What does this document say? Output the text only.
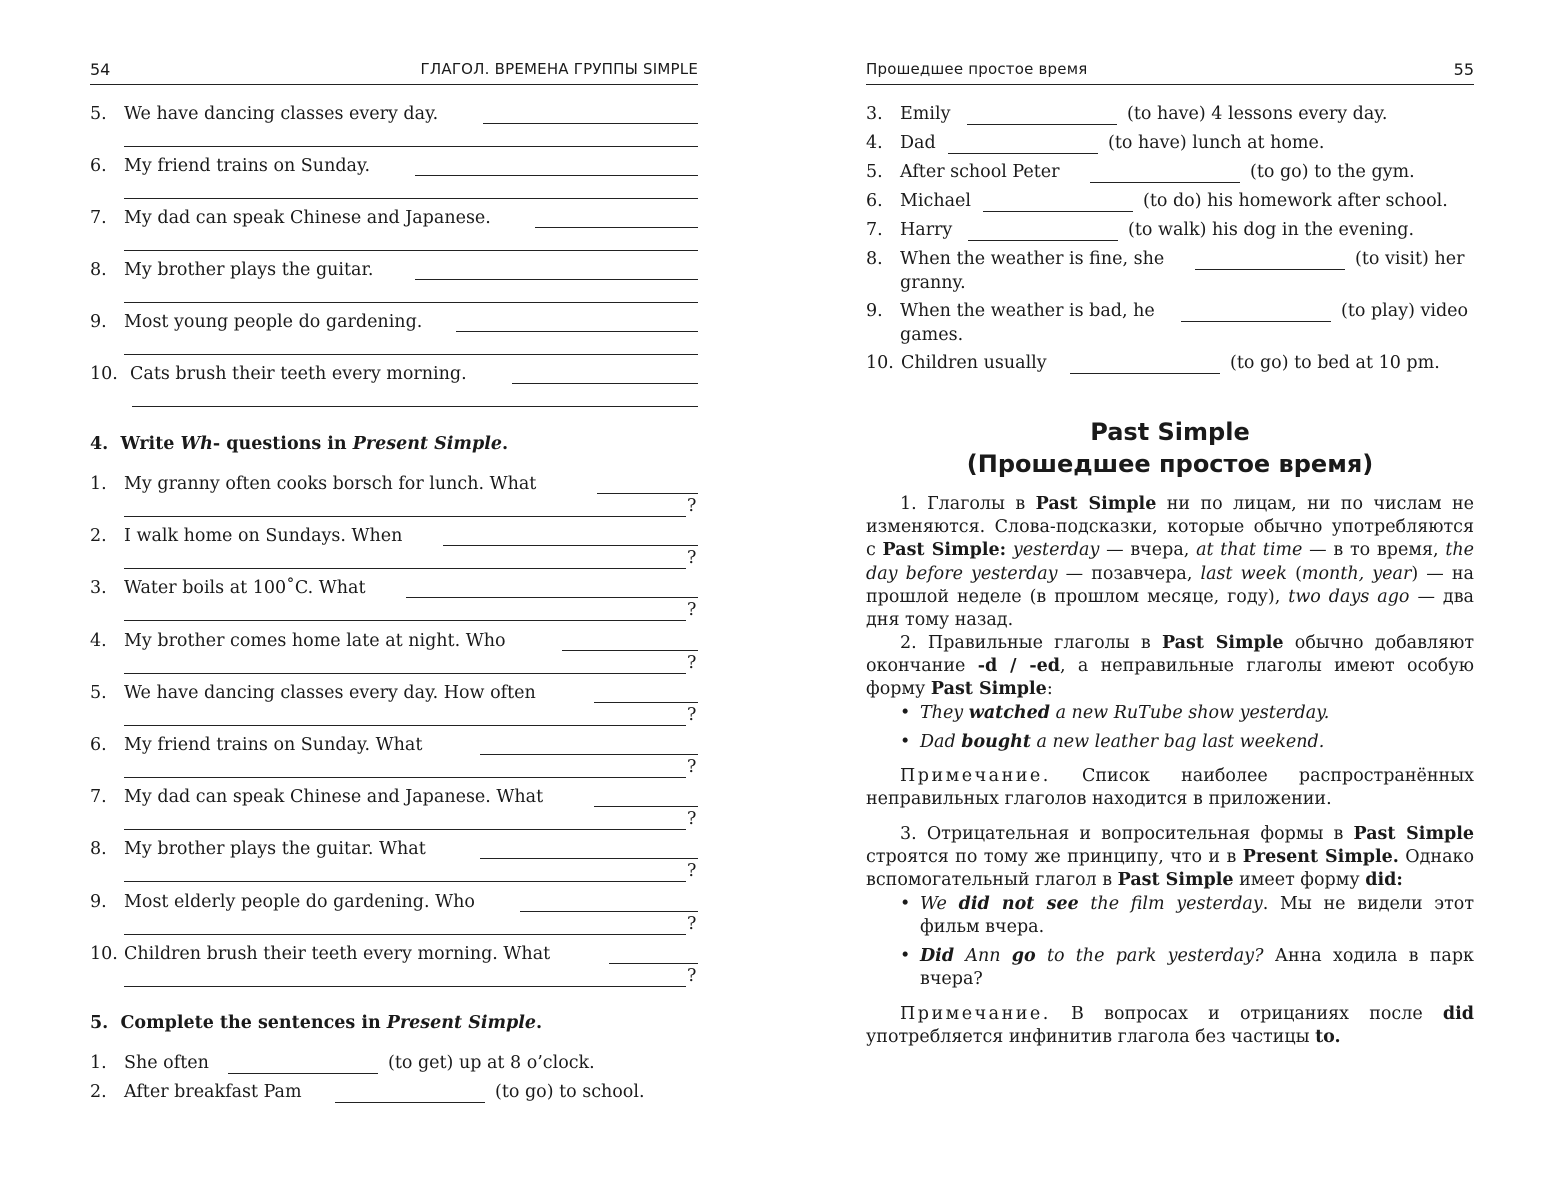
54	ГЛАГОЛ. ВРЕМЕНА ГРУППЫ SIMPLE
5. We have dancing classes every day.
6. My friend trains on Sunday.
7. My dad can speak Chinese and Japanese.
8. My brother plays the guitar.
9. Most young people do gardening.
10. Cats brush their teeth every morning.
4. Write Wh- questions in Present Simple.
1. My granny often cooks borsch for lunch. What
?
2. I walk home on Sundays. When
?
3. Water boils at 100˚C. What
?
4. My brother comes home late at night. Who
?
5. We have dancing classes every day. How often
?
6. My friend trains on Sunday. What
?
7. My dad can speak Chinese and Japanese. What
?
8. My brother plays the guitar. What
?
9. Most elderly people do gardening. Who
?
10. Children brush their teeth every morning. What
?
5. Complete the sentences in Present Simple.
1. She often	(to get) up at 8 o’clock.
2. After breakfast Pam	(to go) to school.
Прошедшее простое время	55
3. Emily	(to have) 4 lessons every day.
4. Dad	(to have) lunch at home.
5. After school Peter	(to go) to the gym.
6. Michael	(to do) his homework after school.
7. Harry	(to walk) his dog in the evening.
8. When the weather is fine, she	(to visit) her
granny.
9. When the weather is bad, he	(to play) video
games.
10. Children usually	(to go) to bed at 10 pm.
Past Simple
(Прошедшее простое время)

1. Глаголы в Past Simple ни по лицам, ни по числам не изменяются. Слова-подсказки, которые обычно употребляются с Past Simple: yesterday — вчера, at that time — в то время, the day before yesterday — позавчера, last week (month, year) — на прошлой неделе (в прошлом месяце, году), two days ago — два дня тому назад.

2. Правильные глаголы в Past Simple обычно добавляют окончание -d / -ed, а неправильные глаголы имеют особую форму Past Simple:

• They watched a new RuTube show yesterday.
• Dad bought a new leather bag last weekend.

Примечание. Список наиболее распространённых неправильных глаголов находится в приложении.

3. Отрицательная и вопросительная формы в Past Simple строятся по тому же принципу, что и в Present Simple. Однако вспомогательный глагол в Past Simple имеет форму did:

• We did not see the film yesterday. Мы не видели этот фильм вчера.
• Did Ann go to the park yesterday? Анна ходила в парк вчера?

Примечание. В вопросах и отрицаниях после did употребляется инфинитив глагола без частицы to.
